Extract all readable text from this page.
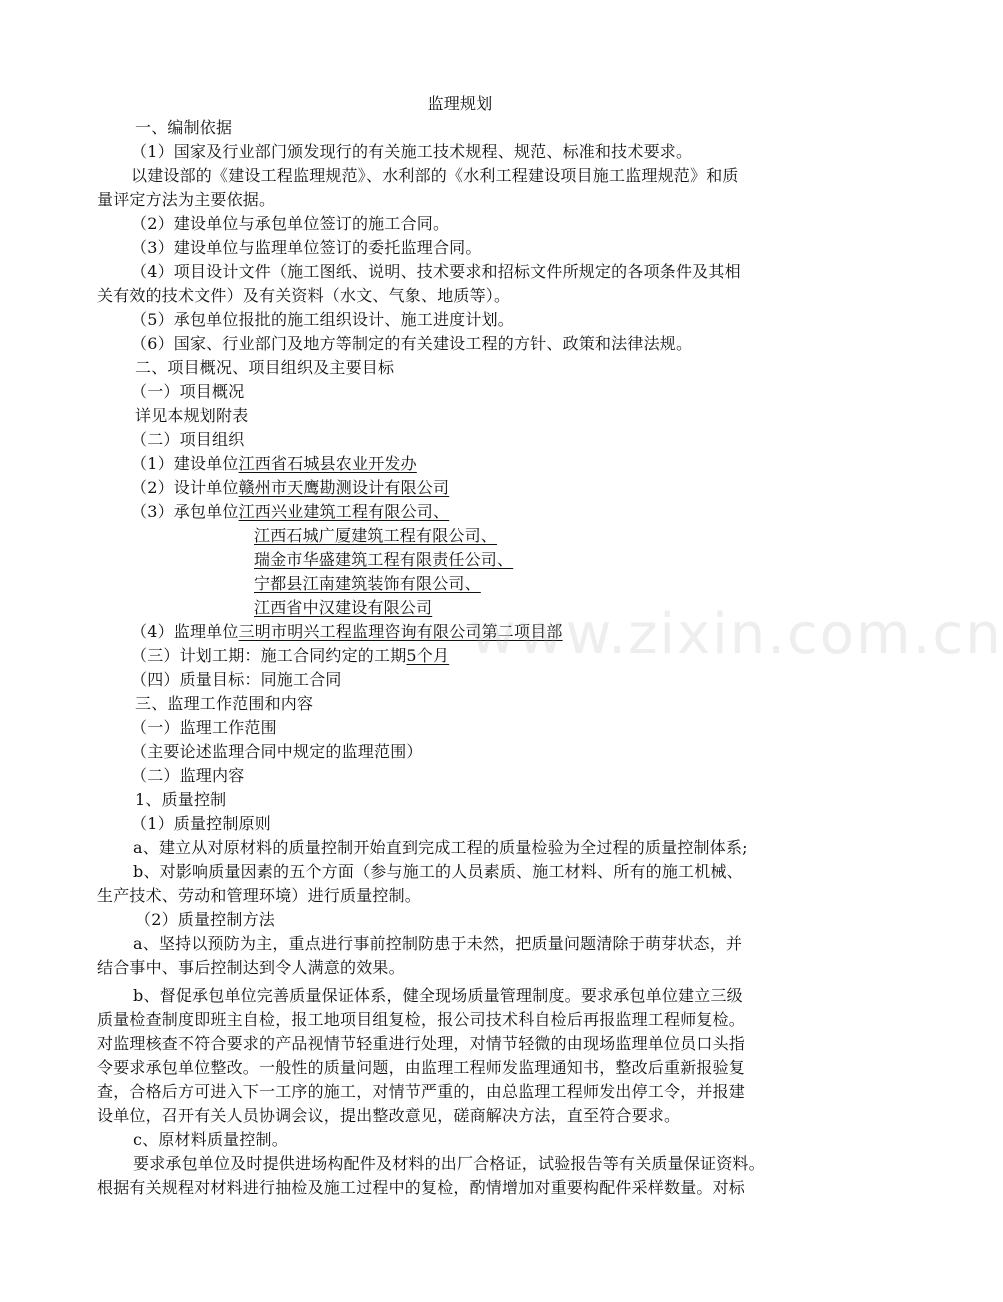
监理规划
一、编制依据
（1）国家及行业部门颁发现行的有关施工技术规程、规范、标准和技术要求。
以建设部的《建设工程监理规范》、水利部的《水利工程建设项目施工监理规范》和质
量评定方法为主要依据。
（2）建设单位与承包单位签订的施工合同。
（3）建设单位与监理单位签订的委托监理合同。
（4）项目设计文件（施工图纸、说明、技术要求和招标文件所规定的各项条件及其相
关有效的技术文件）及有关资料（水文、气象、地质等）。
（5）承包单位报批的施工组织设计、施工进度计划。
（6）国家、行业部门及地方等制定的有关建设工程的方针、政策和法律法规。
二、项目概况、项目组织及主要目标
（一）项目概况
详见本规划附表
（二）项目组织
（1）建设单位江西省石城县农业开发办
（2）设计单位赣州市天鹰勘测设计有限公司
（3）承包单位江西兴业建筑工程有限公司、
江西石城广厦建筑工程有限公司、
瑞金市华盛建筑工程有限责任公司、
宁都县江南建筑装饰有限公司、
江西省中汉建设有限公司
（4）监理单位三明市明兴工程监理咨询有限公司第二项目部
（三）计划工期：施工合同约定的工期5个月
（四）质量目标：同施工合同
三、监理工作范围和内容
（一）监理工作范围
（主要论述监理合同中规定的监理范围）
（二）监理内容
1、质量控制
（1）质量控制原则
a、建立从对原材料的质量控制开始直到完成工程的质量检验为全过程的质量控制体系;
b、对影响质量因素的五个方面（参与施工的人员素质、施工材料、所有的施工机械、
生产技术、劳动和管理环境）进行质量控制。
（2）质量控制方法
a、坚持以预防为主，重点进行事前控制防患于未然，把质量问题清除于萌芽状态，并
结合事中、事后控制达到令人满意的效果。
b、督促承包单位完善质量保证体系，健全现场质量管理制度。要求承包单位建立三级
质量检查制度即班主自检，报工地项目组复检，报公司技术科自检后再报监理工程师复检。
对监理核查不符合要求的产品视情节轻重进行处理，对情节轻微的由现场监理单位员口头指
令要求承包单位整改。一般性的质量问题，由监理工程师发监理通知书，整改后重新报验复
查，合格后方可进入下一工序的施工，对情节严重的，由总监理工程师发出停工令，并报建
设单位，召开有关人员协调会议，提出整改意见，磋商解决方法，直至符合要求。
c、原材料质量控制。
要求承包单位及时提供进场构配件及材料的出厂合格证，试验报告等有关质量保证资料。
根据有关规程对材料进行抽检及施工过程中的复检，酌情增加对重要构配件采样数量。对标
www.zixin.com.cn
